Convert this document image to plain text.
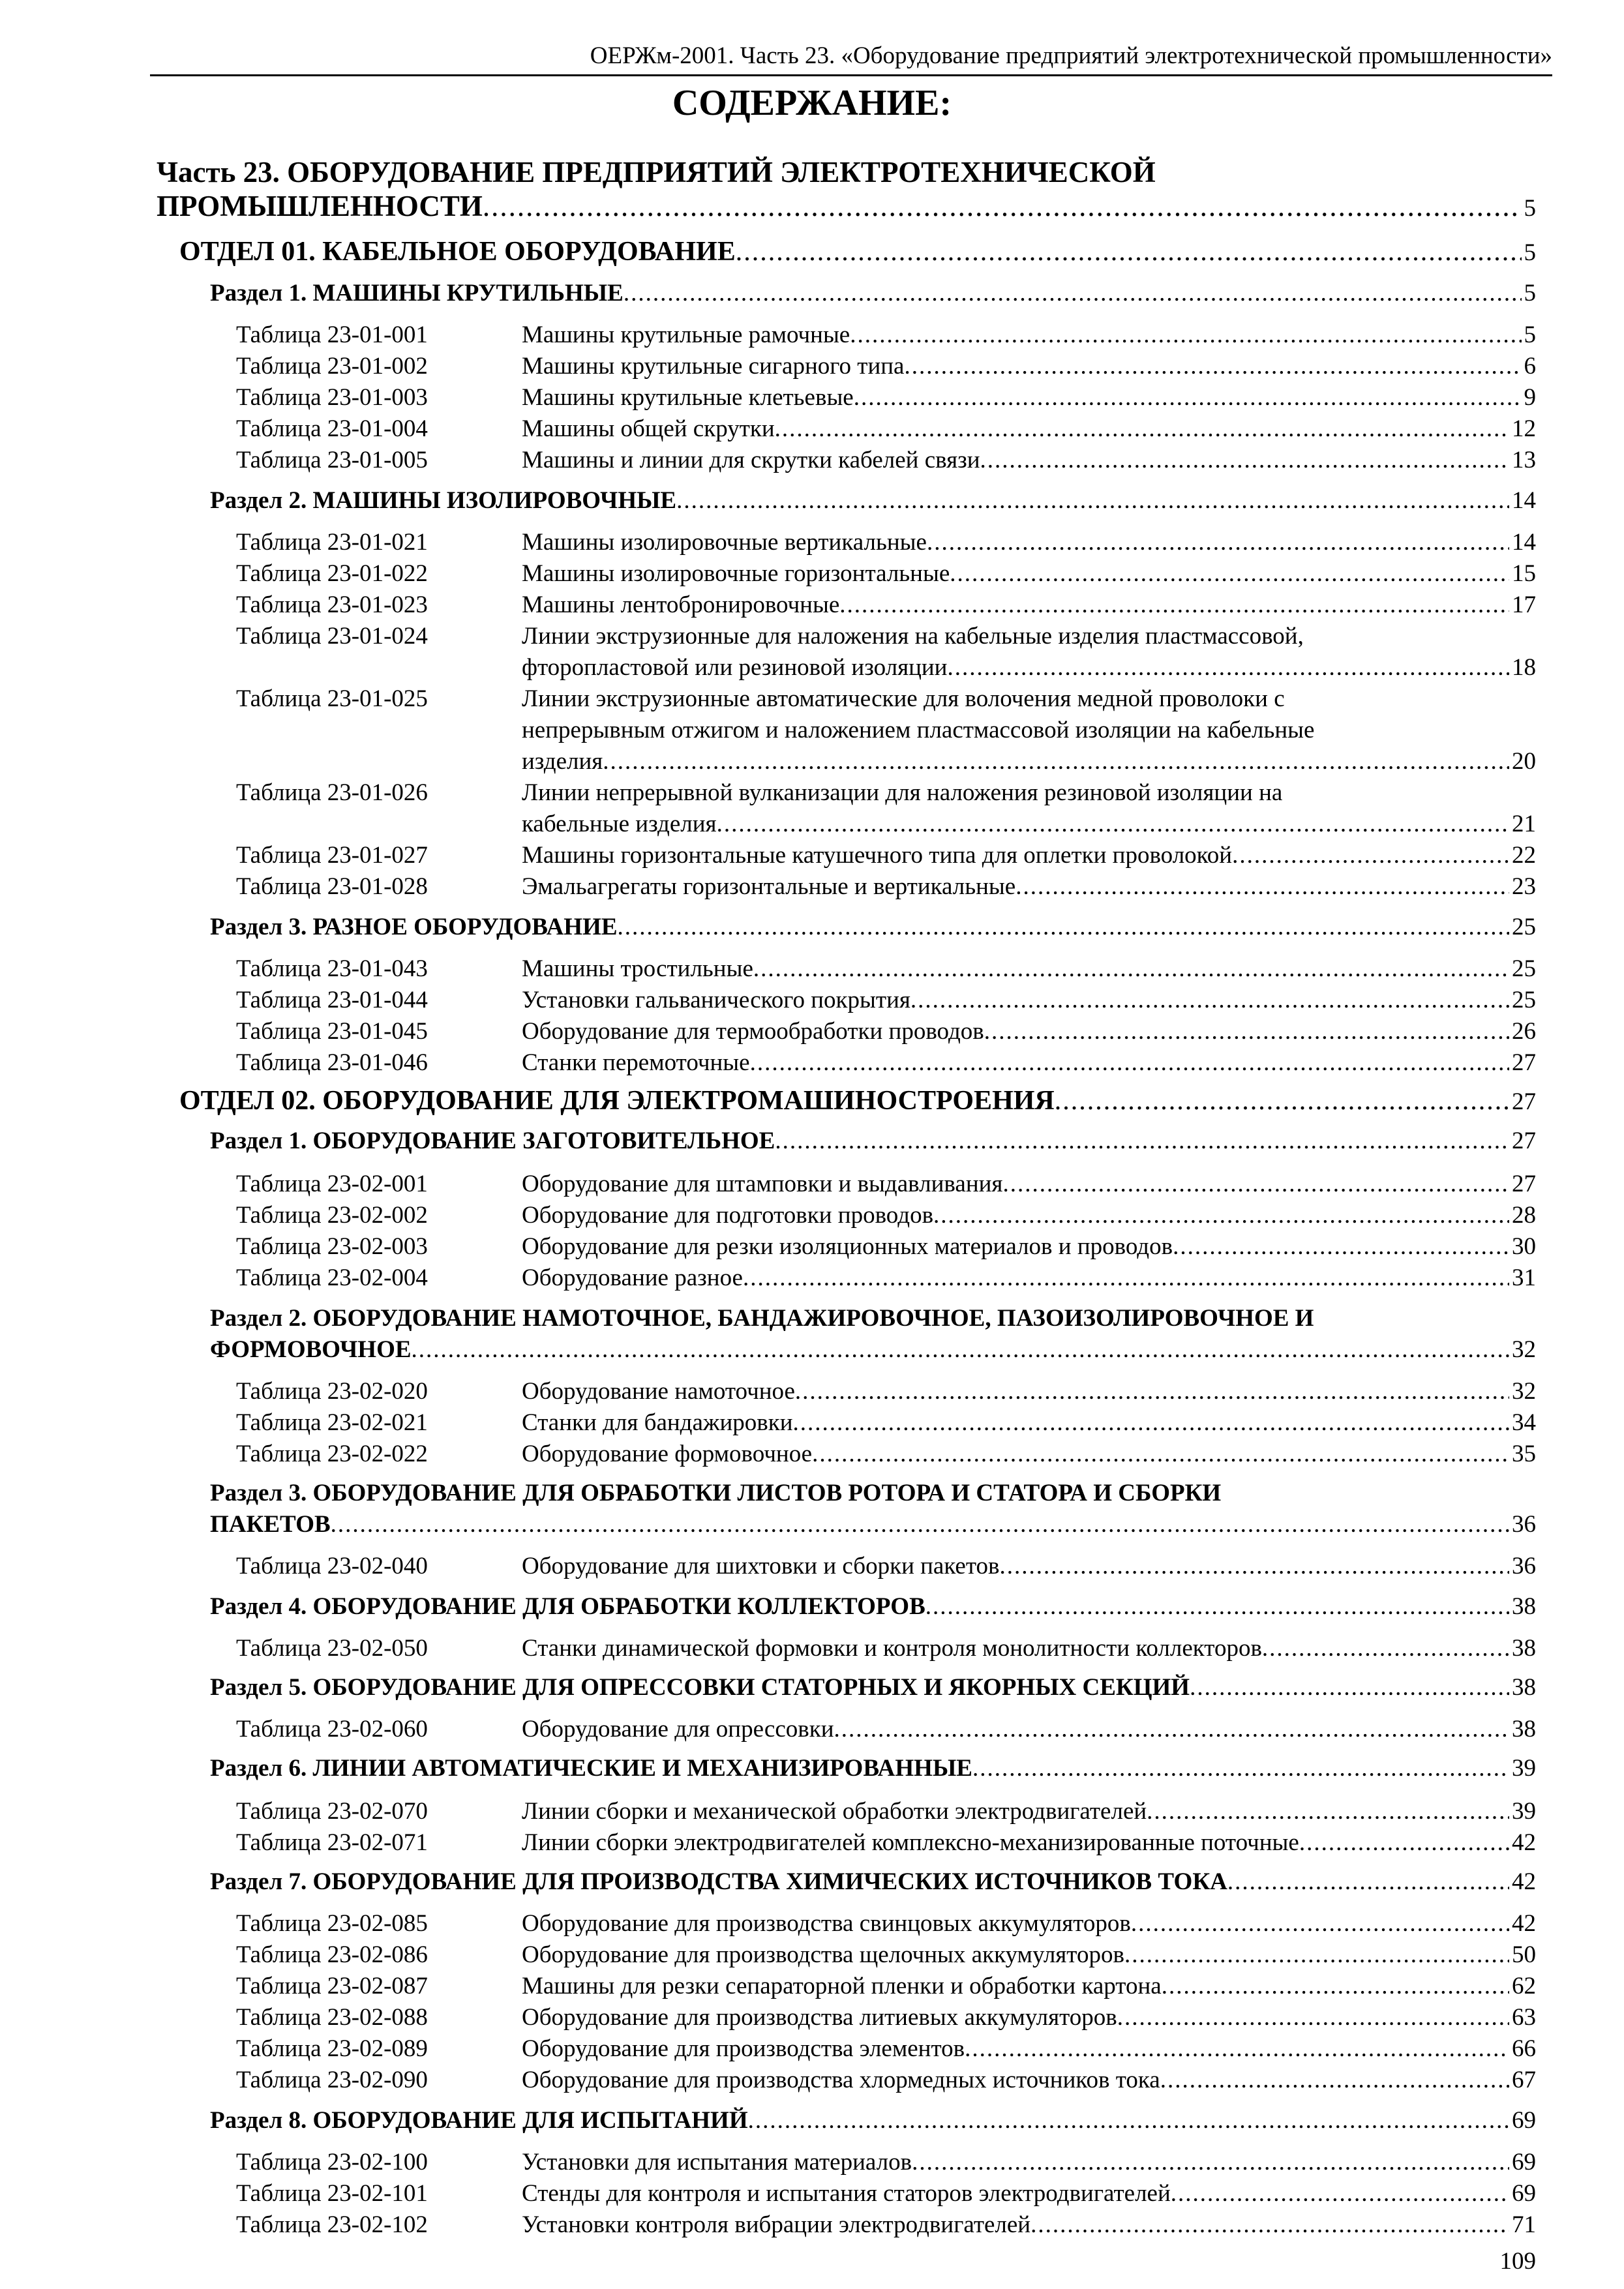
ОЕРЖм-2001. Часть 23. «Оборудование предприятий электротехнической промышленности»
СОДЕРЖАНИЕ:
Часть 23. ОБОРУДОВАНИЕ ПРЕДПРИЯТИЙ ЭЛЕКТРОТЕХНИЧЕСКОЙ
ПРОМЫШЛЕННОСТИ .....	5
ОТДЕЛ 01. КАБЕЛЬНОЕ ОБОРУДОВАНИЕ .....	5
Раздел 1. МАШИНЫ КРУТИЛЬНЫЕ .....	5
Таблица 23-01-001	Машины крутильные рамочные .....	5
Таблица 23-01-002	Машины крутильные сигарного типа .....	6
Таблица 23-01-003	Машины крутильные клетьевые .....	9
Таблица 23-01-004	Машины общей скрутки .....	12
Таблица 23-01-005	Машины и линии для скрутки кабелей связи .....	13
Раздел 2. МАШИНЫ ИЗОЛИРОВОЧНЫЕ .....	14
Таблица 23-01-021	Машины изолировочные вертикальные .....	14
Таблица 23-01-022	Машины изолировочные горизонтальные .....	15
Таблица 23-01-023	Машины лентобронировочные .....	17
Таблица 23-01-024	Линии экструзионные для наложения на кабельные изделия пластмассовой,
фторопластовой или резиновой изоляции .....	18
Таблица 23-01-025	Линии экструзионные автоматические для волочения медной проволоки с
непрерывным отжигом и наложением пластмассовой изоляции на кабельные
изделия .....	20
Таблица 23-01-026	Линии непрерывной вулканизации для наложения резиновой изоляции на
кабельные изделия .....	21
Таблица 23-01-027	Машины горизонтальные катушечного типа для оплетки проволокой .....	22
Таблица 23-01-028	Эмальагрегаты горизонтальные и вертикальные .....	23
Раздел 3. РАЗНОЕ ОБОРУДОВАНИЕ .....	25
Таблица 23-01-043	Машины тростильные .....	25
Таблица 23-01-044	Установки гальванического покрытия .....	25
Таблица 23-01-045	Оборудование для термообработки проводов .....	26
Таблица 23-01-046	Станки перемоточные .....	27
ОТДЕЛ 02. ОБОРУДОВАНИЕ ДЛЯ ЭЛЕКТРОМАШИНОСТРОЕНИЯ .....	27
Раздел 1. ОБОРУДОВАНИЕ ЗАГОТОВИТЕЛЬНОЕ .....	27
Таблица 23-02-001	Оборудование для штамповки и выдавливания .....	27
Таблица 23-02-002	Оборудование для подготовки проводов .....	28
Таблица 23-02-003	Оборудование для резки изоляционных материалов и проводов .....	30
Таблица 23-02-004	Оборудование разное .....	31
Раздел 2. ОБОРУДОВАНИЕ НАМОТОЧНОЕ, БАНДАЖИРОВОЧНОЕ, ПАЗОИЗОЛИРОВОЧНОЕ И
ФОРМОВОЧНОЕ .....	32
Таблица 23-02-020	Оборудование намоточное .....	32
Таблица 23-02-021	Станки для бандажировки .....	34
Таблица 23-02-022	Оборудование формовочное .....	35
Раздел 3. ОБОРУДОВАНИЕ ДЛЯ ОБРАБОТКИ ЛИСТОВ РОТОРА И СТАТОРА И СБОРКИ
ПАКЕТОВ .....	36
Таблица 23-02-040	Оборудование для шихтовки и сборки пакетов .....	36
Раздел 4. ОБОРУДОВАНИЕ ДЛЯ ОБРАБОТКИ КОЛЛЕКТОРОВ .....	38
Таблица 23-02-050	Станки динамической формовки и контроля монолитности коллекторов .....	38
Раздел 5. ОБОРУДОВАНИЕ ДЛЯ ОПРЕССОВКИ СТАТОРНЫХ И ЯКОРНЫХ СЕКЦИЙ .....	38
Таблица 23-02-060	Оборудование для опрессовки .....	38
Раздел 6. ЛИНИИ АВТОМАТИЧЕСКИЕ И МЕХАНИЗИРОВАННЫЕ .....	39
Таблица 23-02-070	Линии сборки и механической обработки электродвигателей .....	39
Таблица 23-02-071	Линии сборки электродвигателей комплексно-механизированные поточные .....	42
Раздел 7. ОБОРУДОВАНИЕ ДЛЯ ПРОИЗВОДСТВА ХИМИЧЕСКИХ ИСТОЧНИКОВ ТОКА .....	42
Таблица 23-02-085	Оборудование для производства свинцовых аккумуляторов .....	42
Таблица 23-02-086	Оборудование для производства щелочных аккумуляторов .....	50
Таблица 23-02-087	Машины для резки сепараторной пленки и обработки картона .....	62
Таблица 23-02-088	Оборудование для производства литиевых аккумуляторов .....	63
Таблица 23-02-089	Оборудование для производства элементов .....	66
Таблица 23-02-090	Оборудование для производства хлормедных источников тока .....	67
Раздел 8. ОБОРУДОВАНИЕ ДЛЯ ИСПЫТАНИЙ .....	69
Таблица 23-02-100	Установки для испытания материалов .....	69
Таблица 23-02-101	Стенды для контроля и испытания статоров электродвигателей .....	69
Таблица 23-02-102	Установки контроля вибрации электродвигателей .....	71
109
